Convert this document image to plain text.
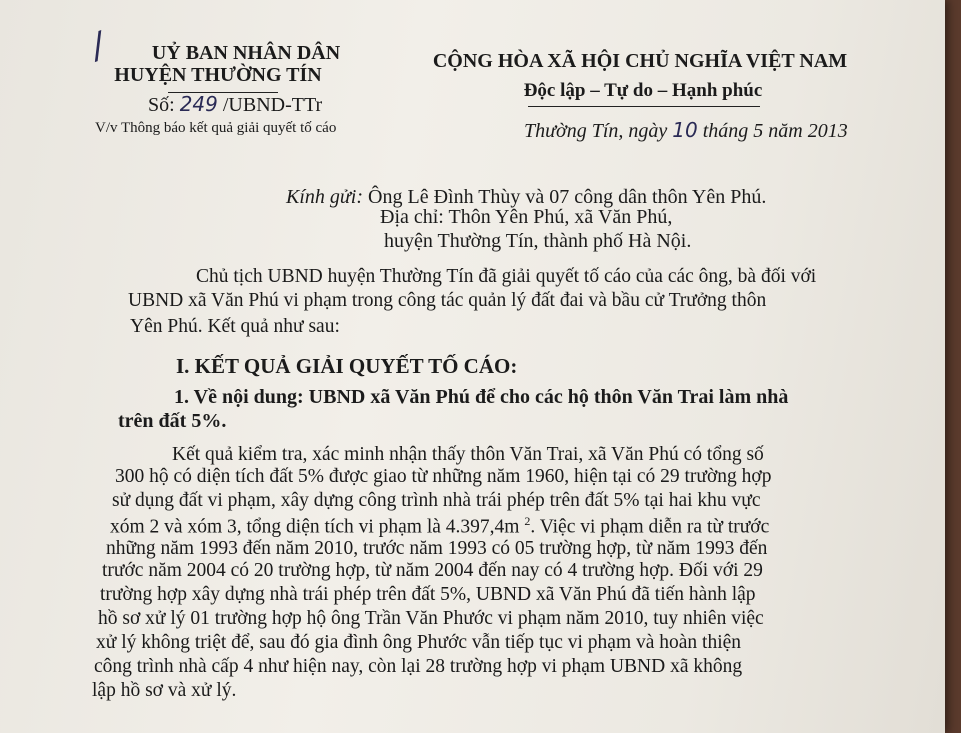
/ UỶ BAN NHÂN DÂN
HUYỆN THƯỜNG TÍN
Số: 249 /UBND-TTr
V/v Thông báo kết quả giải quyết tố cáo
CỘNG HÒA XÃ HỘI CHỦ NGHĨA VIỆT NAM
Độc lập – Tự do – Hạnh phúc
Thường Tín, ngày 10 tháng 5 năm 2013
Kính gửi: Ông Lê Đình Thùy và 07 công dân thôn Yên Phú.
Địa chỉ: Thôn Yên Phú, xã Văn Phú,
huyện Thường Tín, thành phố Hà Nội.
Chủ tịch UBND huyện Thường Tín đã giải quyết tố cáo của các ông, bà đối với
UBND xã Văn Phú vi phạm trong công tác quản lý đất đai và bầu cử Trưởng thôn
Yên Phú. Kết quả như sau:
I. KẾT QUẢ GIẢI QUYẾT TỐ CÁO:
1. Về nội dung: UBND xã Văn Phú để cho các hộ thôn Văn Trai làm nhà
trên đất 5%.
Kết quả kiểm tra, xác minh nhận thấy thôn Văn Trai, xã Văn Phú có tổng số
300 hộ có diện tích đất 5% được giao từ những năm 1960, hiện tại có 29 trường hợp
sử dụng đất vi phạm, xây dựng công trình nhà trái phép trên đất 5% tại hai khu vực
xóm 2 và xóm 3, tổng diện tích vi phạm là 4.397,4m $^2$. Việc vi phạm diễn ra từ trước
những năm 1993 đến năm 2010, trước năm 1993 có 05 trường hợp, từ năm 1993 đến
trước năm 2004 có 20 trường hợp, từ năm 2004 đến nay có 4 trường hợp. Đối với 29
trường hợp xây dựng nhà trái phép trên đất 5%, UBND xã Văn Phú đã tiến hành lập
hồ sơ xử lý 01 trường hợp hộ ông Trần Văn Phước vi phạm năm 2010, tuy nhiên việc
xử lý không triệt để, sau đó gia đình ông Phước vẫn tiếp tục vi phạm và hoàn thiện
công trình nhà cấp 4 như hiện nay, còn lại 28 trường hợp vi phạm UBND xã không
lập hồ sơ và xử lý.
